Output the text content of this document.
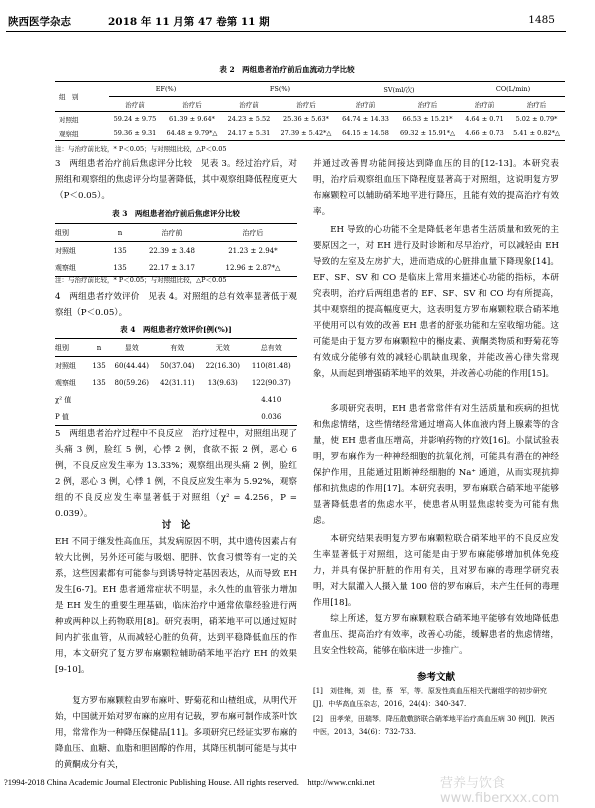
陕西医学杂志	2018 年 11 月第 47 卷第 11 期	1485
表 2　两组患者治疗前后血流动力学比较
组　别	EF(%)		FS(%)		SV(ml/次)		CO(L/min)	
	治疗前	治疗后	治疗前	治疗后	治疗前	治疗后	治疗前	治疗后
对照组	59.24 ± 9.75	61.39 ± 9.64*	24.23 ± 5.52	25.36 ± 5.63*	64.74 ± 14.33	66.53 ± 15.21*	4.64 ± 0.71	5.02 ± 0.79*
观察组	59.36 ± 9.31	64.48 ± 9.79*△	24.17 ± 5.31	27.39 ± 5.42*△	64.15 ± 14.58	69.32 ± 15.91*△	4.66 ± 0.73	5.41 ± 0.82*△
注：与治疗前比较，* P＜0.05；与对照组比较，△P＜0.05
3　两组患者治疗前后焦虑评分比较　见表 3。经过治疗后，对照组和观察组的焦虑评分均显著降低，其中观察组降低程度更大（P＜0.05）。
表 3　两组患者治疗前后焦虑评分比较
组别	n	治疗前	治疗后
对照组	135	22.39 ± 3.48	21.23 ± 2.94*
观察组	135	22.17 ± 3.17	12.96 ± 2.87*△
注：与治疗前比较，* P＜0.05；与对照组比较，△P＜0.05
4　两组患者疗效评价　见表 4。对照组的总有效率显著低于观察组（P＜0.05）。
表 4　两组患者疗效评价[例(%)]
组别	n	显效	有效	无效	总有效
对照组	135	60(44.44)	50(37.04)	22(16.30)	110(81.48)
观察组	135	80(59.26)	42(31.11)	13(9.63)	122(90.37)
χ² 值					4.410
P 值					0.036
5　两组患者治疗过程中不良反应　治疗过程中，对照组出现了头痛 3 例，脸红 5 例，心悸 2 例，食欲不振 2 例，恶心 6 例，不良反应发生率为 13.33%；观察组出现头痛 2 例，脸红 2 例，恶心 3 例，心悸 1 例，不良反应发生率为 5.92%，观察组的不良反应发生率显著低于对照组（χ² = 4.256，P = 0.039）。
讨　论
EH 不同于继发性高血压，其发病原因不明，其中遗传因素占有较大比例，另外还可能与吸烟、肥胖、饮食习惯等有一定的关系，这些因素都有可能参与到诱导特定基因表达，从而导致 EH 发生[6-7]。EH 患者通常症状不明显，永久性的血管张力增加是 EH 发生的重要生理基础，临床治疗中通常依靠经验进行两种或两种以上药物联用[8]。研究表明，硝苯地平可以通过短时间内扩张血管，从而减轻心脏的负荷，达到平稳降低血压的作用，本文研究了复方罗布麻颗粒辅助硝苯地平治疗 EH 的效果[9-10]。
复方罗布麻颗粒由罗布麻叶、野菊花和山楂组成，从明代开始，中国就开始对罗布麻的应用有记载，罗布麻可制作成茶叶饮用，常常作为一种降压保健品[11]。多项研究已经证实罗布麻的降血压、血糖、血脂和胆固醇的作用，其降压机制可能是与其中的黄酮成分有关，
并通过改善胃功能间接达到降血压的目的[12-13]。本研究表明，治疗后观察组血压下降程度显著高于对照组，这说明复方罗布麻颗粒可以辅助硝苯地平进行降压，且能有效的提高治疗有效率。
EH 导致的心功能不全是降低老年患者生活质量和致死的主要原因之一，对 EH 进行及时诊断和尽早治疗，可以减轻由 EH 导致的左室及左房扩大，进而造成的心脏排血量下降现象[14]。EF、SF、SV 和 CO 是临床上常用来描述心功能的指标，本研究表明，治疗后两组患者的 EF、SF、SV 和 CO 均有所提高，其中观察组的提高幅度更大，这表明复方罗布麻颗粒联合硝苯地平使用可以有效的改善 EH 患者的舒张功能和左室收缩功能。这可能是由于复方罗布麻颗粒中的槲皮素、黄酮类物质和野菊花等有效成分能够有效的减轻心肌缺血现象，并能改善心律失常现象，从而起到增强硝苯地平的效果，并改善心功能的作用[15]。
多项研究表明，EH 患者常常伴有对生活质量和疾病的担忧和焦虑情绪，这些情绪经常通过增高人体血液内肾上腺素等的含量，使 EH 患者血压增高，并影响药物的疗效[16]。小鼠试验表明，罗布麻作为一种神经细胞的抗氧化剂，可能具有潜在的神经保护作用，且能通过阻断神经细胞的 Na⁺ 通道，从而实现抗抑郁和抗焦虑的作用[17]。本研究表明，罗布麻联合硝苯地平能够显著降低患者的焦虑水平，使患者从明显焦虑转变为可能有焦虑。
本研究结果表明复方罗布麻颗粒联合硝苯地平的不良反应发生率显著低于对照组，这可能是由于罗布麻能够增加机体免疫力，并具有保护肝脏的作用有关，且对罗布麻的毒理学研究表明，对大鼠灌入人摄入量 100 倍的罗布麻后，未产生任何的毒理作用[18]。
综上所述，复方罗布麻颗粒联合硝苯地平能够有效地降低患者血压、提高治疗有效率，改善心功能，缓解患者的焦虑情绪，且安全性较高，能够在临床进一步推广。
参考文献
[1]　刘佳梅，刘　佳，蔡　军，等．原发性高血压相关代谢组学的初步研究[J]．中华高血压杂志，2016，24(4)：340-347.
[2]　田孝荣，田瑞琴．降压散敷脐联合硝苯地平治疗高血压病 30 例[J]．陕西中医，2013，34(6)：732-733.
?1994-2018 China Academic Journal Electronic Publishing House. All rights reserved.　http://www.cnki.net	营养与饮食 www.fiberxxx.com
